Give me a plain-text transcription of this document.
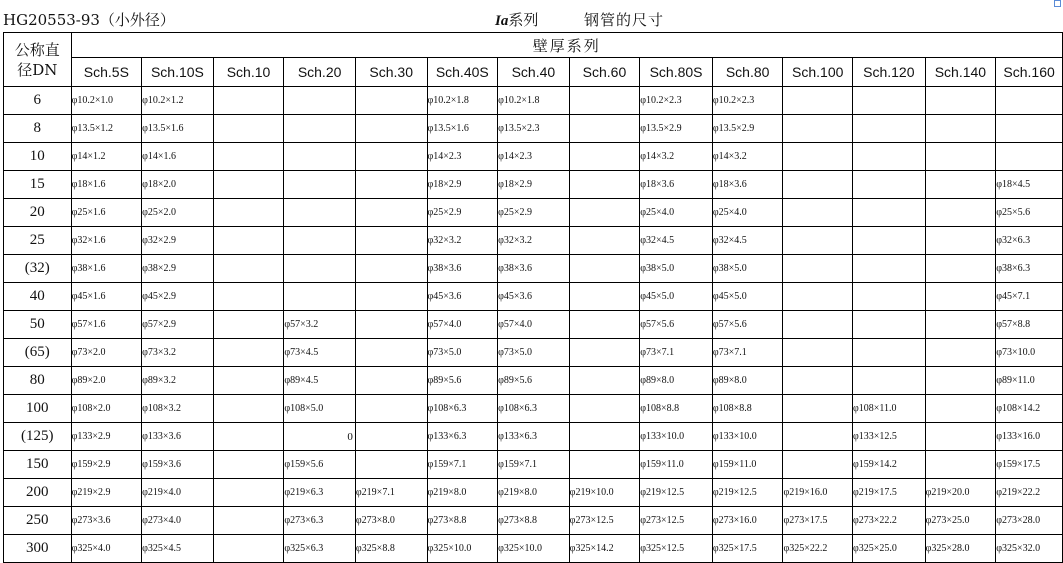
HG20553-93（小外径）	Ia系列	钢管的尺寸
公称直
径DN	壁厚系列													
	Sch.5S	Sch.10S	Sch.10	Sch.20	Sch.30	Sch.40S	Sch.40	Sch.60	Sch.80S	Sch.80	Sch.100	Sch.120	Sch.140	Sch.160
6	φ10.2×1.0	φ10.2×1.2				φ10.2×1.8	φ10.2×1.8		φ10.2×2.3	φ10.2×2.3				
8	φ13.5×1.2	φ13.5×1.6				φ13.5×1.6	φ13.5×2.3		φ13.5×2.9	φ13.5×2.9				
10	φ14×1.2	φ14×1.6				φ14×2.3	φ14×2.3		φ14×3.2	φ14×3.2				
15	φ18×1.6	φ18×2.0				φ18×2.9	φ18×2.9		φ18×3.6	φ18×3.6				φ18×4.5
20	φ25×1.6	φ25×2.0				φ25×2.9	φ25×2.9		φ25×4.0	φ25×4.0				φ25×5.6
25	φ32×1.6	φ32×2.9				φ32×3.2	φ32×3.2		φ32×4.5	φ32×4.5				φ32×6.3
(32)	φ38×1.6	φ38×2.9				φ38×3.6	φ38×3.6		φ38×5.0	φ38×5.0				φ38×6.3
40	φ45×1.6	φ45×2.9				φ45×3.6	φ45×3.6		φ45×5.0	φ45×5.0				φ45×7.1
50	φ57×1.6	φ57×2.9		φ57×3.2		φ57×4.0	φ57×4.0		φ57×5.6	φ57×5.6				φ57×8.8
(65)	φ73×2.0	φ73×3.2		φ73×4.5		φ73×5.0	φ73×5.0		φ73×7.1	φ73×7.1				φ73×10.0
80	φ89×2.0	φ89×3.2		φ89×4.5		φ89×5.6	φ89×5.6		φ89×8.0	φ89×8.0				φ89×11.0
100	φ108×2.0	φ108×3.2		φ108×5.0		φ108×6.3	φ108×6.3		φ108×8.8	φ108×8.8		φ108×11.0		φ108×14.2
(125)	φ133×2.9	φ133×3.6		0		φ133×6.3	φ133×6.3		φ133×10.0	φ133×10.0		φ133×12.5		φ133×16.0
150	φ159×2.9	φ159×3.6		φ159×5.6		φ159×7.1	φ159×7.1		φ159×11.0	φ159×11.0		φ159×14.2		φ159×17.5
200	φ219×2.9	φ219×4.0		φ219×6.3	φ219×7.1	φ219×8.0	φ219×8.0	φ219×10.0	φ219×12.5	φ219×12.5	φ219×16.0	φ219×17.5	φ219×20.0	φ219×22.2
250	φ273×3.6	φ273×4.0		φ273×6.3	φ273×8.0	φ273×8.8	φ273×8.8	φ273×12.5	φ273×12.5	φ273×16.0	φ273×17.5	φ273×22.2	φ273×25.0	φ273×28.0
300	φ325×4.0	φ325×4.5		φ325×6.3	φ325×8.8	φ325×10.0	φ325×10.0	φ325×14.2	φ325×12.5	φ325×17.5	φ325×22.2	φ325×25.0	φ325×28.0	φ325×32.0
